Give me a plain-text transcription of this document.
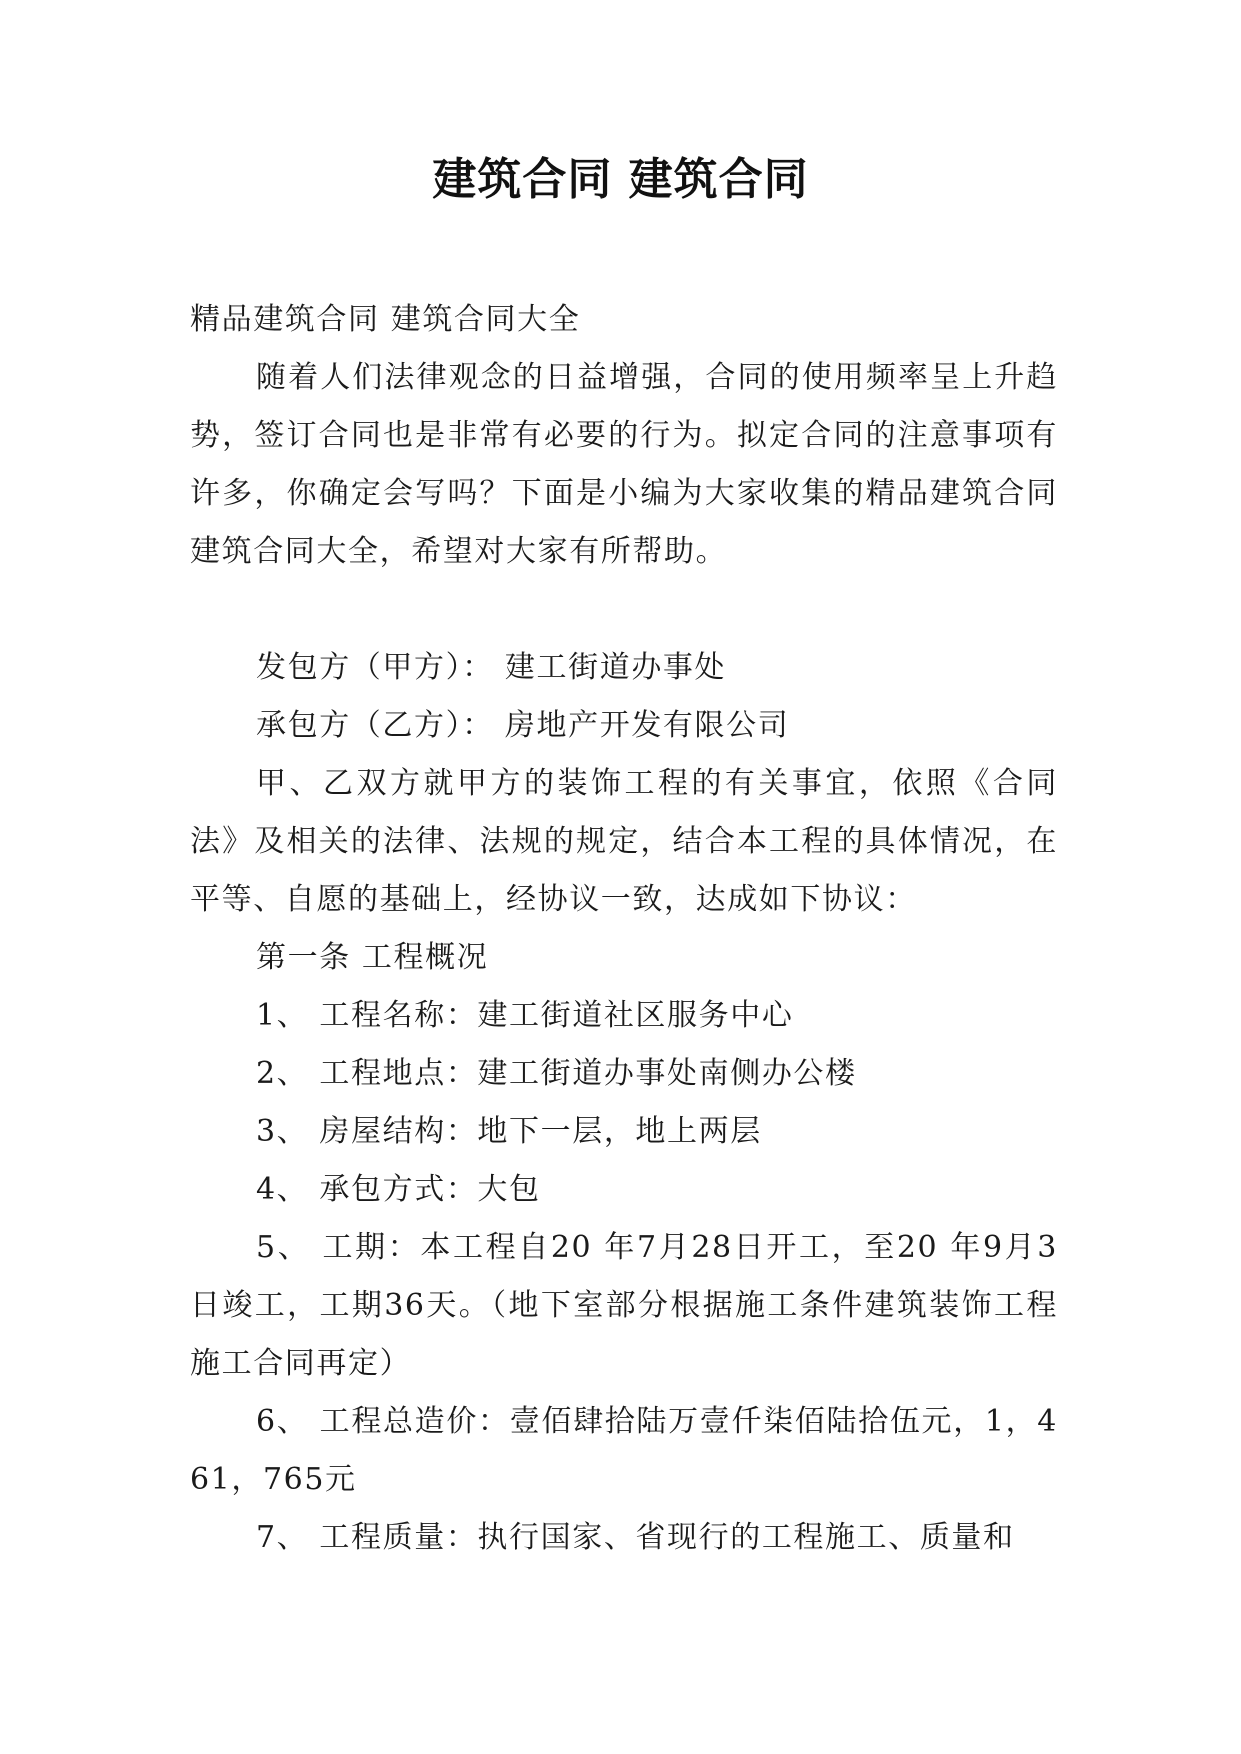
建筑合同 建筑合同

精品建筑合同 建筑合同大全

随着人们法律观念的日益增强，合同的使用频率呈上升趋势，签订合同也是非常有必要的行为。拟定合同的注意事项有许多，你确定会写吗？下面是小编为大家收集的精品建筑合同 建筑合同大全，希望对大家有所帮助。

发包方（甲方）： 建工街道办事处

承包方（乙方）： 房地产开发有限公司

甲、乙双方就甲方的装饰工程的有关事宜，依照《合同法》及相关的法律、法规的规定，结合本工程的具体情况，在平等、自愿的基础上，经协议一致，达成如下协议：

第一条 工程概况

1、 工程名称：建工街道社区服务中心

2、 工程地点：建工街道办事处南侧办公楼

3、 房屋结构：地下一层，地上两层

4、 承包方式：大包

5、 工期：本工程自20 年7月28日开工，至20 年9月3日竣工，工期36天。（地下室部分根据施工条件建筑装饰工程施工合同再定）

6、 工程总造价：壹佰肆拾陆万壹仟柒佰陆拾伍元，1，461，765元

7、 工程质量：执行国家、省现行的工程施工、质量和
